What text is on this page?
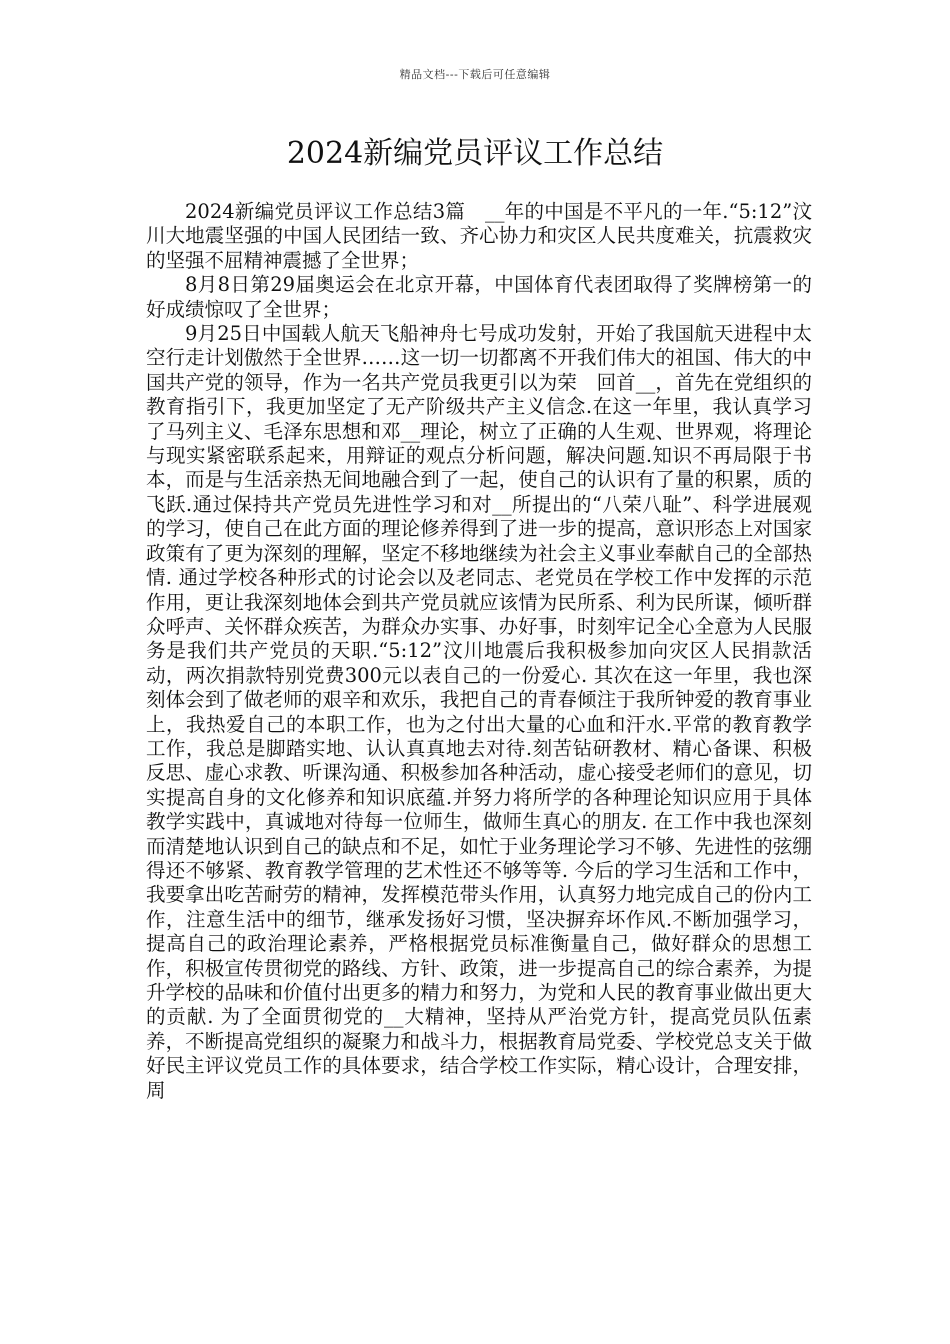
精品文档---下载后可任意编辑
2024新编党员评议工作总结

2024新编党员评议工作总结3篇　__年的中国是不平凡的一年.“5:12”汶川大地震坚强的中国人民团结一致、齐心协力和灾区人民共度难关，抗震救灾的坚强不屈精神震撼了全世界；

8月8日第29届奥运会在北京开幕，中国体育代表团取得了奖牌榜第一的好成绩惊叹了全世界；

9月25日中国载人航天飞船神舟七号成功发射，开始了我国航天进程中太空行走计划傲然于全世界……这一切一切都离不开我们伟大的祖国、伟大的中国共产党的领导，作为一名共产党员我更引以为荣　回首__，首先在党组织的教育指引下，我更加坚定了无产阶级共产主义信念.在这一年里，我认真学习了马列主义、毛泽东思想和邓__理论，树立了正确的人生观、世界观，将理论与现实紧密联系起来，用辩证的观点分析问题，解决问题.知识不再局限于书本，而是与生活亲热无间地融合到了一起，使自己的认识有了量的积累，质的飞跃.通过保持共产党员先进性学习和对__所提出的“八荣八耻”、科学进展观的学习，使自己在此方面的理论修养得到了进一步的提高，意识形态上对国家政策有了更为深刻的理解，坚定不移地继续为社会主义事业奉献自己的全部热情. 通过学校各种形式的讨论会以及老同志、老党员在学校工作中发挥的示范作用，更让我深刻地体会到共产党员就应该情为民所系、利为民所谋，倾听群众呼声、关怀群众疾苦，为群众办实事、办好事，时刻牢记全心全意为人民服务是我们共产党员的天职.“5:12”汶川地震后我积极参加向灾区人民捐款活动，两次捐款特别党费300元以表自己的一份爱心. 其次在这一年里，我也深刻体会到了做老师的艰辛和欢乐，我把自己的青春倾注于我所钟爱的教育事业上，我热爱自己的本职工作，也为之付出大量的心血和汗水.平常的教育教学工作，我总是脚踏实地、认认真真地去对待.刻苦钻研教材、精心备课、积极反思、虚心求教、听课沟通、积极参加各种活动，虚心接受老师们的意见，切实提高自身的文化修养和知识底蕴.并努力将所学的各种理论知识应用于具体教学实践中，真诚地对待每一位师生，做师生真心的朋友. 在工作中我也深刻而清楚地认识到自己的缺点和不足，如忙于业务理论学习不够、先进性的弦绷得还不够紧、教育教学管理的艺术性还不够等等. 今后的学习生活和工作中，我要拿出吃苦耐劳的精神，发挥模范带头作用，认真努力地完成自己的份内工作，注意生活中的细节，继承发扬好习惯，坚决摒弃坏作风.不断加强学习，提高自己的政治理论素养，严格根据党员标准衡量自己，做好群众的思想工作，积极宣传贯彻党的路线、方针、政策，进一步提高自己的综合素养，为提升学校的品味和价值付出更多的精力和努力，为党和人民的教育事业做出更大的贡献. 为了全面贯彻党的__大精神，坚持从严治党方针，提高党员队伍素养，不断提高党组织的凝聚力和战斗力，根据教育局党委、学校党总支关于做好民主评议党员工作的具体要求，结合学校工作实际，精心设计，合理安排，周
